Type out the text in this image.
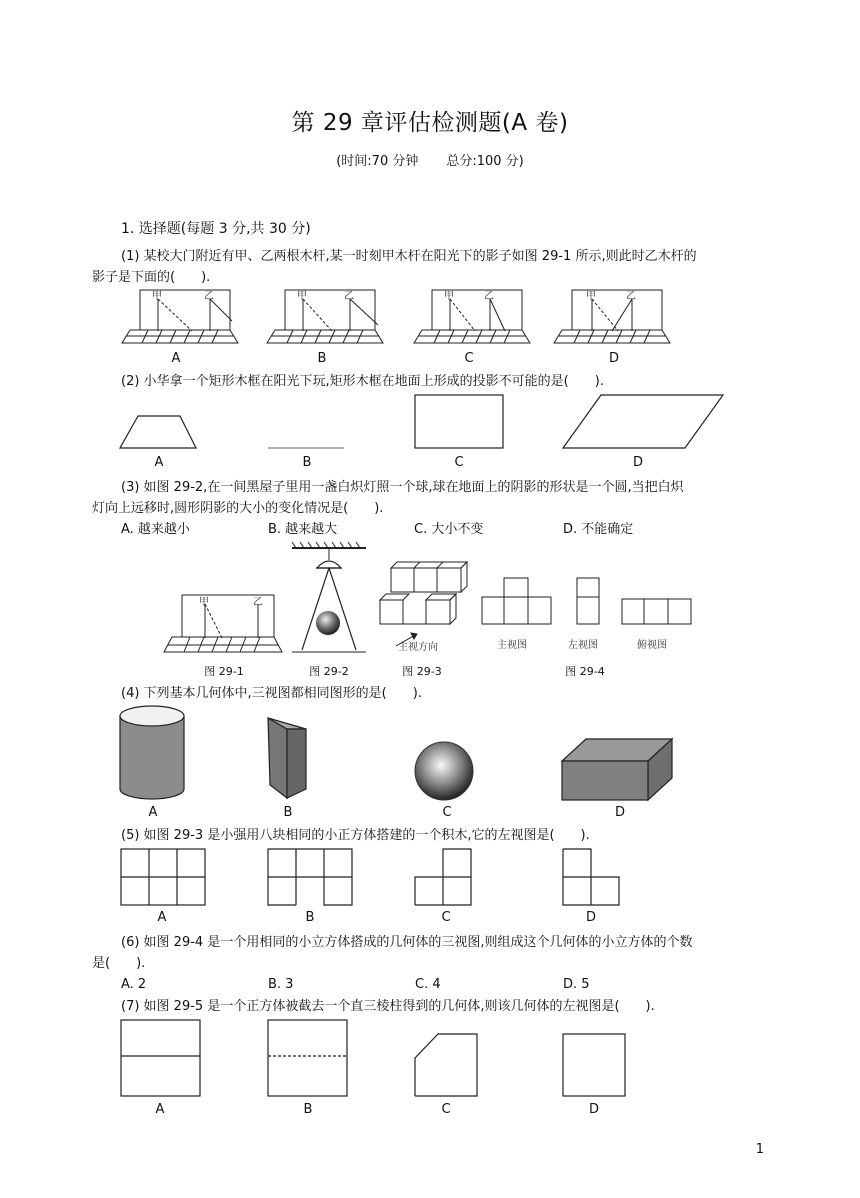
第 29 章评估检测题(A 卷)
(时间:70 分钟 总分:100 分)
1. 选择题(每题 3 分,共 30 分)
(1) 某校大门附近有甲、乙两根木杆,某一时刻甲木杆在阳光下的影子如图 29-1 所示,则此时乙木杆的
影子是下面的(　　).
甲	乙	甲	乙	甲	乙	甲	乙
A	B	C	D
(2) 小华拿一个矩形木框在阳光下玩,矩形木框在地面上形成的投影不可能的是(　　).
A	B	C	D
(3) 如图 29-2,在一间黑屋子里用一盏白炽灯照一个球,球在地面上的阴影的形状是一个圆,当把白炽
灯向上远移时,圆形阴影的大小的变化情况是(　　).
A. 越来越小	B. 越来越大	C. 大小不变	D. 不能确定
甲	乙
主视方向	主视图	左视图	俯视图
图 29-1	图 29-2	图 29-3	图 29-4
(4) 下列基本几何体中,三视图都相同图形的是(　　).
A	B	C	D
(5) 如图 29-3 是小强用八块相同的小正方体搭建的一个积木,它的左视图是(　　).
A	B	C	D
(6) 如图 29-4 是一个用相同的小立方体搭成的几何体的三视图,则组成这个几何体的小立方体的个数
是(　　).
A. 2	B. 3	C. 4	D. 5
(7) 如图 29-5 是一个正方体被截去一个直三棱柱得到的几何体,则该几何体的左视图是(　　).
A	B	C	D
1
